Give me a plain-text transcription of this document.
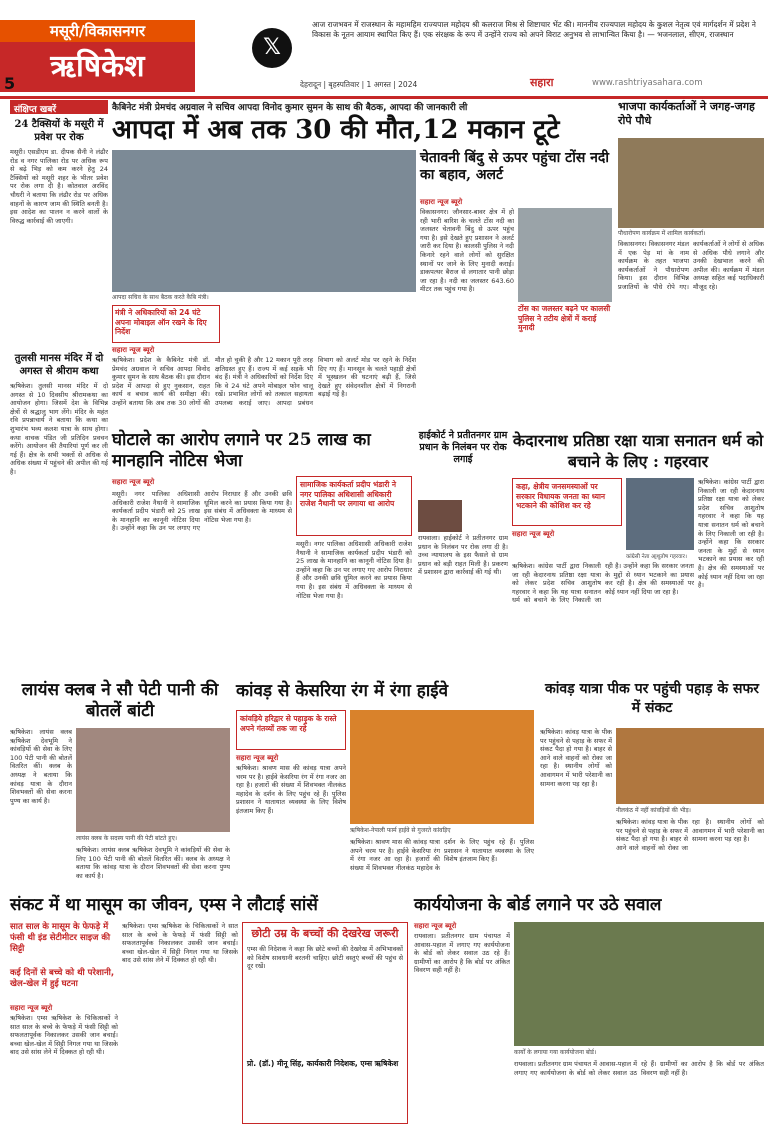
मसूरी/विकासनगर
ऋषिकेश
5
𝕏
आज राजभवन में राजस्थान के महामहिम राज्यपाल महोदय श्री कलराज मिश्र से शिष्टाचार भेंट की। माननीय राज्यपाल महोदय के कुशल नेतृत्व एवं मार्गदर्शन में प्रदेश ने विकास के नूतन आयाम स्थापित किए हैं। एक संरक्षक के रूप में उन्होंने राज्य को अपने विराट अनुभव से लाभान्वित किया है। — भजनलाल, सीएम, राजस्थान
देहरादून | बृहस्पतिवार | 1 अगस्त | 2024	सहारा	www.rashtriyasahara.com
संक्षिप्त खबरें
24 टैक्सियों के मसूरी में प्रवेश पर रोक
मसूरी। एसडीएम डा. दीपक सैनी ने लंढौर रोड व नगर पालिका रोड पर अधिक रूप से बढ़े भिड़ को कम करने हेतु 24 टैक्सियों को मसूरी शहर के भीतर प्रवेश पर रोक लगा दी है। कोतवाल अरविंद चौधरी ने बताया कि लंढौर रोड पर अधिक वाहनों के कारण जाम की स्थिति बनती है। इस आदेश का पालन न करने वालों के विरुद्ध कार्रवाई की जाएगी।
तुलसी मानस मंदिर में दो अगस्त से श्रीराम कथा
ऋषिकेश। तुलसी मानस मंदिर में दो अगस्त से 10 दिवसीय श्रीरामकथा का आयोजन होगा। जिसमें देश के विभिन्न क्षेत्रों से श्रद्धालु भाग लेंगे। मंदिर के महंत रवि प्रपन्नाचार्य ने बताया कि कथा का शुभारंभ भव्य कलश यात्रा के साथ होगा। कथा वाचक पंडित जी प्रतिदिन प्रवचन करेंगे। आयोजन की तैयारियां पूर्ण कर ली गई हैं। क्षेत्र के सभी भक्तों से अधिक से अधिक संख्या में पहुंचने की अपील की गई है।
कैबिनेट मंत्री प्रेमचंद अग्रवाल ने सचिव आपदा विनोद कुमार सुमन के साथ की बैठक, आपदा की जानकारी ली
आपदा में अब तक 30 की मौत,12 मकान टूटे
आपदा सचिव के साथ बैठक करते कैबि मंत्री।
मंत्री ने अधिकारियों को 24 घंटे अपना मोबाइल ऑन रखने के दिए निर्देश
सहारा न्यूज ब्यूरो
ऋषिकेश। प्रदेश के कैबिनेट मंत्री डॉ. प्रेमचंद अग्रवाल ने सचिव आपदा विनोद कुमार सुमन के साथ बैठक की। इस दौरान प्रदेश में आपदा से हुए नुकसान, राहत कार्य व बचाव कार्य की समीक्षा की। उन्होंने बताया कि अब तक 30 लोगों की मौत हो चुकी है और 12 मकान पूरी तरह क्षतिग्रस्त हुए हैं। राज्य में कई सड़कें भी बंद हैं। मंत्री ने अधिकारियों को निर्देश दिए कि वे 24 घंटे अपने मोबाइल फोन चालू रखें। प्रभावित लोगों को तत्काल सहायता उपलब्ध कराई जाए। आपदा प्रबंधन विभाग को अलर्ट मोड पर रहने के निर्देश दिए गए हैं। मानसून के चलते पहाड़ी क्षेत्रों में भूस्खलन की घटनाएं बढ़ी हैं, जिसे देखते हुए संवेदनशील क्षेत्रों में निगरानी बढ़ाई गई है।
चेतावनी बिंदु से ऊपर पहुंचा टोंस नदी का बहाव, अलर्ट
सहारा न्यूज ब्यूरो
विकासनगर। जौनसार-बावर क्षेत्र में हो रही भारी बारिश के चलते टोंस नदी का जलस्तर चेतावनी बिंदु से ऊपर पहुंच गया है। इसे देखते हुए प्रशासन ने अलर्ट जारी कर दिया है। कालसी पुलिस ने नदी किनारे रहने वाले लोगों को सुरक्षित स्थानों पर जाने के लिए मुनादी कराई। डाकपत्थर बैराज से लगातार पानी छोड़ा जा रहा है। नदी का जलस्तर 643.60 मीटर तक पहुंच गया है।
टोंस का जलस्तर बढ़ने पर कालसी पुलिस ने तटीय क्षेत्रों में कराई मुनादी
भाजपा कार्यकर्ताओं ने जगह-जगह रोपे पौधे
पौधारोपण कार्यक्रम में शामिल कार्यकर्ता।
विकासनगर। विकासनगर मंडल में एक पेड़ मां के नाम कार्यक्रम के तहत भाजपा कार्यकर्ताओं ने पौधारोपण किया। इस दौरान विभिन्न प्रजातियों के पौधे रोपे गए। कार्यकर्ताओं ने लोगों से अधिक से अधिक पौधे लगाने और उनकी देखभाल करने की अपील की। कार्यक्रम में मंडल अध्यक्ष सहित कई पदाधिकारी मौजूद रहे।
घोटाले का आरोप लगाने पर 25 लाख का मानहानि नोटिस भेजा
सहारा न्यूज ब्यूरो
मसूरी। नगर पालिका अधिशासी अधिकारी राजेश नैथानी ने सामाजिक कार्यकर्ता प्रदीप भंडारी को 25 लाख के मानहानि का कानूनी नोटिस दिया है। उन्होंने कहा कि उन पर लगाए गए आरोप निराधार हैं और उनकी छवि धूमिल करने का प्रयास किया गया है। इस संबंध में अधिवक्ता के माध्यम से नोटिस भेजा गया है।
सामाजिक कार्यकर्ता प्रदीप भंडारी ने नगर पालिका अधिशासी अधिकारी राजेश नैथानी पर लगाया था आरोप
मसूरी। नगर पालिका अधिशासी अधिकारी राजेश नैथानी ने सामाजिक कार्यकर्ता प्रदीप भंडारी को 25 लाख के मानहानि का कानूनी नोटिस दिया है। उन्होंने कहा कि उन पर लगाए गए आरोप निराधार हैं और उनकी छवि धूमिल करने का प्रयास किया गया है। इस संबंध में अधिवक्ता के माध्यम से नोटिस भेजा गया है।
हाईकोर्ट ने प्रतीतनगर ग्राम प्रधान के निलंबन पर रोक लगाई
रायवाला। हाईकोर्ट ने प्रतीतनगर ग्राम प्रधान के निलंबन पर रोक लगा दी है। उच्च न्यायालय के इस फैसले से ग्राम प्रधान को बड़ी राहत मिली है। प्रकरण में प्रशासन द्वारा कार्रवाई की गई थी।
केदारनाथ प्रतिष्ठा रक्षा यात्रा सनातन धर्म को बचाने के लिए : गहरवार
कहा, क्षेत्रीय जनसमस्याओं पर सरकार विधायक जनता का ध्यान भटकाने की कोशिश कर रहे
सहारा न्यूज ब्यूरो
कांग्रेसी नेता आ्रशुतोष गहरवार।
ऋषिकेश। कांग्रेस पार्टी द्वारा निकाली जा रही केदारनाथ प्रतिष्ठा रक्षा यात्रा को लेकर प्रदेश सचिव आशुतोष गहरवार ने कहा कि यह यात्रा सनातन धर्म को बचाने के लिए निकाली जा रही है। उन्होंने कहा कि सरकार जनता के मुद्दों से ध्यान भटकाने का प्रयास कर रही है। क्षेत्र की समस्याओं पर कोई ध्यान नहीं दिया जा रहा है।
ऋषिकेश। कांग्रेस पार्टी द्वारा निकाली जा रही केदारनाथ प्रतिष्ठा रक्षा यात्रा को लेकर प्रदेश सचिव आशुतोष गहरवार ने कहा कि यह यात्रा सनातन धर्म को बचाने के लिए निकाली जा रही है। उन्होंने कहा कि सरकार जनता के मुद्दों से ध्यान भटकाने का प्रयास कर रही है। क्षेत्र की समस्याओं पर कोई ध्यान नहीं दिया जा रहा है।
लायंस क्लब ने सौ पेटी पानी की बोतलें बांटी
ऋषिकेश। लायंस क्लब ऋषिकेश देवभूमि ने कांवड़ियों की सेवा के लिए 100 पेटी पानी की बोतलें वितरित कीं। क्लब के अध्यक्ष ने बताया कि कांवड़ यात्रा के दौरान शिवभक्तों की सेवा करना पुण्य का कार्य है।
लायंस क्लब के सदस्य पानी की पेटी बांटते हुए।
ऋषिकेश। लायंस क्लब ऋषिकेश देवभूमि ने कांवड़ियों की सेवा के लिए 100 पेटी पानी की बोतलें वितरित कीं। क्लब के अध्यक्ष ने बताया कि कांवड़ यात्रा के दौरान शिवभक्तों की सेवा करना पुण्य का कार्य है।
कांवड़ से केसरिया रंग में रंगा हाईवे
कांवड़िये हरिद्वार से पहाड़ुक के रास्ते अपने गंतव्यों तक जा रहे
सहारा न्यूज ब्यूरो
ऋषिकेश। श्रावण मास की कांवड़ यात्रा अपने चरम पर है। हाईवे केसरिया रंग में रंगा नजर आ रहा है। हजारों की संख्या में शिवभक्त नीलकंठ महादेव के दर्शन के लिए पहुंच रहे हैं। पुलिस प्रशासन ने यातायात व्यवस्था के लिए विशेष इंतजाम किए हैं।
ऋषिकेश-नेपाली फार्म हाईवे से गुजरते कांवड़िए
ऋषिकेश। श्रावण मास की कांवड़ यात्रा अपने चरम पर है। हाईवे केसरिया रंग में रंगा नजर आ रहा है। हजारों की संख्या में शिवभक्त नीलकंठ महादेव के दर्शन के लिए पहुंच रहे हैं। पुलिस प्रशासन ने यातायात व्यवस्था के लिए विशेष इंतजाम किए हैं।
कांवड़ यात्रा पीक पर पहुंची पहाड़ के सफर में संकट
ऋषिकेश। कांवड़ यात्रा के पीक पर पहुंचने से पहाड़ के सफर में संकट पैदा हो गया है। बाहर से आने वाले वाहनों को रोका जा रहा है। स्थानीय लोगों को आवागमन में भारी परेशानी का सामना करना पड़ रहा है।
नीलकंठ में नहीं कांवड़ियों की भीड़।
ऋषिकेश। कांवड़ यात्रा के पीक पर पहुंचने से पहाड़ के सफर में संकट पैदा हो गया है। बाहर से आने वाले वाहनों को रोका जा रहा है। स्थानीय लोगों को आवागमन में भारी परेशानी का सामना करना पड़ रहा है।
संकट में था मासूम का जीवन, एम्स ने लौटाई सांसें
सात साल के मासूम के फेफड़े में फंसी थी इंड सेटीमीटर साइज की सिट्टी
कई दिनों से बच्चे को थी परेशानी, खेल-खेल में हुई घटना
सहारा न्यूज ब्यूरो
ऋषिकेश। एम्स ऋषिकेश के चिकित्सकों ने सात साल के बच्चे के फेफड़े में फंसी सिट्टी को सफलतापूर्वक निकालकर उसकी जान बचाई। बच्चा खेल-खेल में सिट्टी निगल गया था जिसके बाद उसे सांस लेने में दिक्कत हो रही थी।
ऋषिकेश। एम्स ऋषिकेश के चिकित्सकों ने सात साल के बच्चे के फेफड़े में फंसी सिट्टी को सफलतापूर्वक निकालकर उसकी जान बचाई। बच्चा खेल-खेल में सिट्टी निगल गया था जिसके बाद उसे सांस लेने में दिक्कत हो रही थी।
छोटी उम्र के बच्चों की देखरेख जरूरी
एम्स की निदेशक ने कहा कि छोटे बच्चों की देखरेख में अभिभावकों को विशेष सावधानी बरतनी चाहिए। छोटी वस्तुएं बच्चों की पहुंच से दूर रखें।
प्रो. (डॉ.) मीनू सिंह, कार्यकारी निदेशक, एम्स ऋषिकेश
कार्ययोजना के बोर्ड लगाने पर उठे सवाल
सहारा न्यूज ब्यूरो
रायवाला। प्रतीतनगर ग्राम पंचायत में आवास-पहाल में लगाए गए कार्ययोजना के बोर्ड को लेकर सवाल उठ रहे हैं। ग्रामीणों का आरोप है कि बोर्ड पर अंकित विवरण सही नहीं है।
कार्यों के लगाया गया कार्ययोजना बोर्ड।
रायवाला। प्रतीतनगर ग्राम पंचायत में आवास-पहाल में लगाए गए कार्ययोजना के बोर्ड को लेकर सवाल उठ रहे हैं। ग्रामीणों का आरोप है कि बोर्ड पर अंकित विवरण सही नहीं है।
